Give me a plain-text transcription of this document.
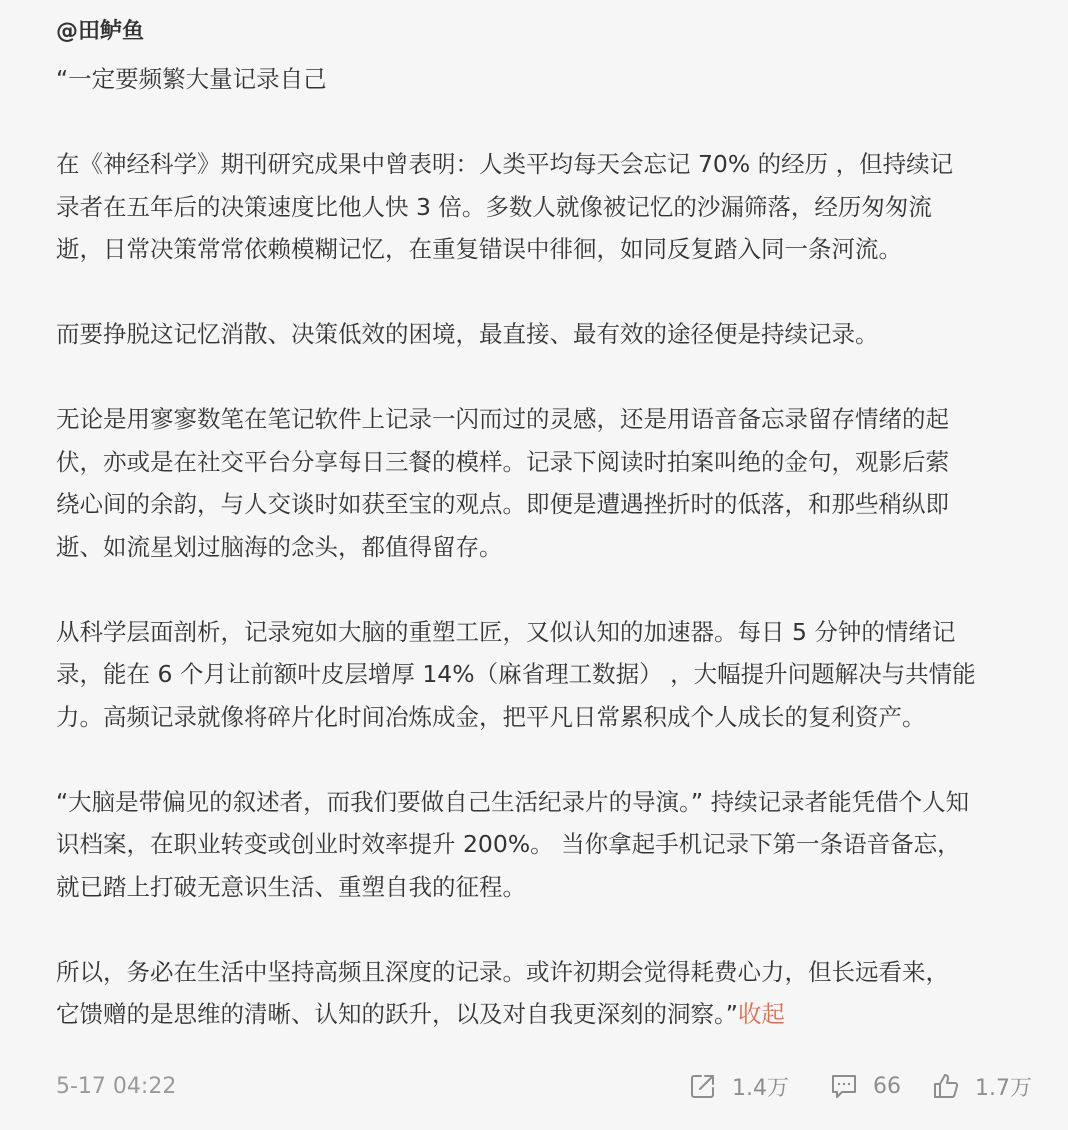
@田鲈鱼

“一定要频繁大量记录自己

在《神经科学》期刊研究成果中曾表明：人类平均每天会忘记 70% 的经历 ，但持续记

录者在五年后的决策速度比他人快 3 倍。多数人就像被记忆的沙漏筛落，经历匆匆流

逝，日常决策常常依赖模糊记忆，在重复错误中徘徊，如同反复踏入同一条河流。

而要挣脱这记忆消散、决策低效的困境，最直接、最有效的途径便是持续记录。

无论是用寥寥数笔在笔记软件上记录一闪而过的灵感，还是用语音备忘录留存情绪的起

伏，亦或是在社交平台分享每日三餐的模样。记录下阅读时拍案叫绝的金句，观影后萦

绕心间的余韵，与人交谈时如获至宝的观点。即便是遭遇挫折时的低落，和那些稍纵即

逝、如流星划过脑海的念头，都值得留存。

从科学层面剖析，记录宛如大脑的重塑工匠，又似认知的加速器。每日 5 分钟的情绪记

录，能在 6 个月让前额叶皮层增厚 14%（麻省理工数据） ，大幅提升问题解决与共情能

力。高频记录就像将碎片化时间冶炼成金，把平凡日常累积成个人成长的复利资产。

“大脑是带偏见的叙述者，而我们要做自己生活纪录片的导演。” 持续记录者能凭借个人知

识档案，在职业转变或创业时效率提升 200%。 当你拿起手机记录下第一条语音备忘，

就已踏上打破无意识生活、重塑自我的征程。

所以，务必在生活中坚持高频且深度的记录。或许初期会觉得耗费心力，但长远看来，

它馈赠的是思维的清晰、认知的跃升，以及对自我更深刻的洞察。”收起

5-17 04:22	1.4万	66	1.7万
